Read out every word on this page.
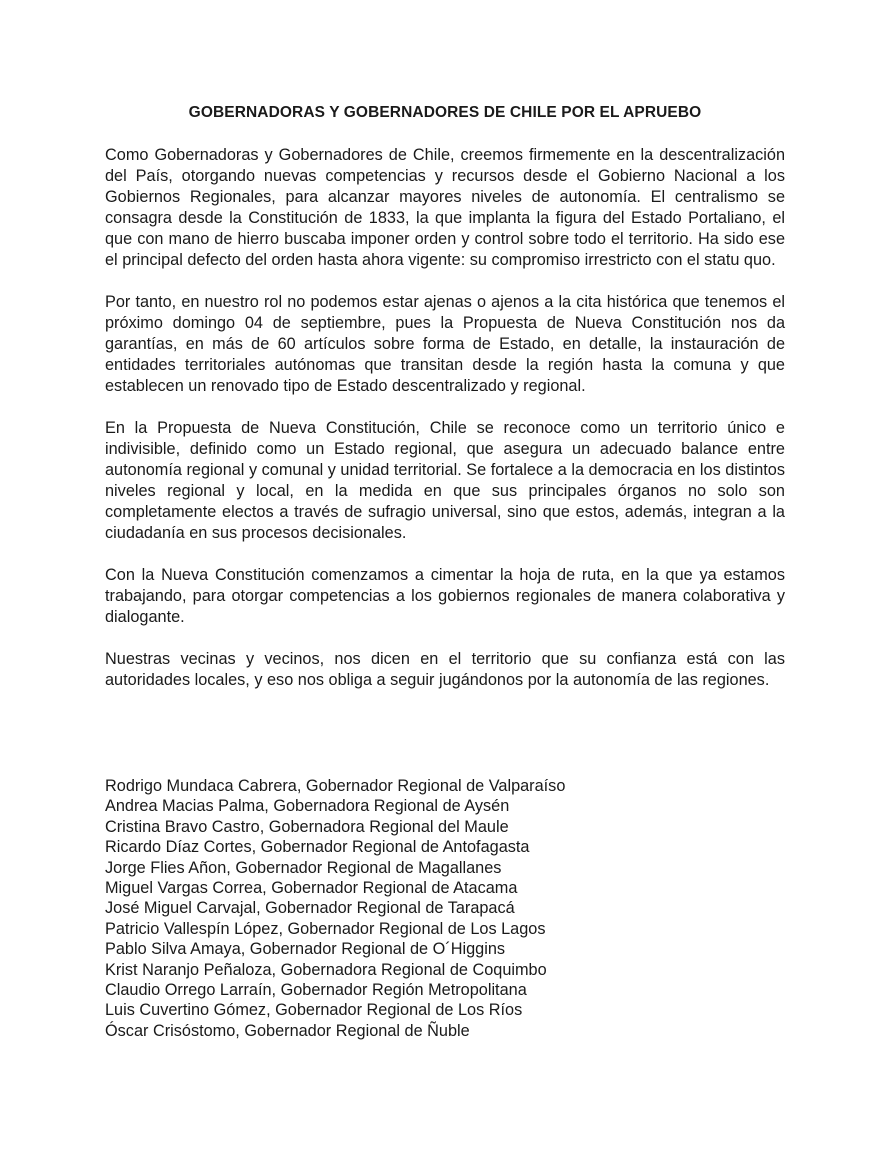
GOBERNADORAS Y GOBERNADORES DE CHILE POR EL APRUEBO

Como Gobernadoras y Gobernadores de Chile, creemos firmemente en la descentralización del País, otorgando nuevas competencias y recursos desde el Gobierno Nacional a los Gobiernos Regionales, para alcanzar mayores niveles de autonomía. El centralismo se consagra desde la Constitución de 1833, la que implanta la figura del Estado Portaliano, el que con mano de hierro buscaba imponer orden y control sobre todo el territorio. Ha sido ese el principal defecto del orden hasta ahora vigente: su compromiso irrestricto con el statu quo.

Por tanto, en nuestro rol no podemos estar ajenas o ajenos a la cita histórica que tenemos el próximo domingo 04 de septiembre, pues la Propuesta de Nueva Constitución nos da garantías, en más de 60 artículos sobre forma de Estado, en detalle, la instauración de entidades territoriales autónomas que transitan desde la región hasta la comuna y que establecen un renovado tipo de Estado descentralizado y regional.

En la Propuesta de Nueva Constitución, Chile se reconoce como un territorio único e indivisible, definido como un Estado regional, que asegura un adecuado balance entre autonomía regional y comunal y unidad territorial. Se fortalece a la democracia en los distintos niveles regional y local, en la medida en que sus principales órganos no solo son completamente electos a través de sufragio universal, sino que estos, además, integran a la ciudadanía en sus procesos decisionales.

Con la Nueva Constitución comenzamos a cimentar la hoja de ruta, en la que ya estamos trabajando, para otorgar competencias a los gobiernos regionales de manera colaborativa y dialogante.

Nuestras vecinas y vecinos, nos dicen en el territorio que su confianza está con las autoridades locales, y eso nos obliga a seguir jugándonos por la autonomía de las regiones.

Rodrigo Mundaca Cabrera, Gobernador Regional de Valparaíso
Andrea Macias Palma, Gobernadora Regional de Aysén
Cristina Bravo Castro, Gobernadora Regional del Maule
Ricardo Díaz Cortes, Gobernador Regional de Antofagasta
Jorge Flies Añon, Gobernador Regional de Magallanes
Miguel Vargas Correa, Gobernador Regional de Atacama
José Miguel Carvajal, Gobernador Regional de Tarapacá
Patricio Vallespín López, Gobernador Regional de Los Lagos
Pablo Silva Amaya, Gobernador Regional de O´Higgins
Krist Naranjo Peñaloza, Gobernadora Regional de Coquimbo
Claudio Orrego Larraín, Gobernador Región Metropolitana
Luis Cuvertino Gómez, Gobernador Regional de Los Ríos
Óscar Crisóstomo, Gobernador Regional de Ñuble
